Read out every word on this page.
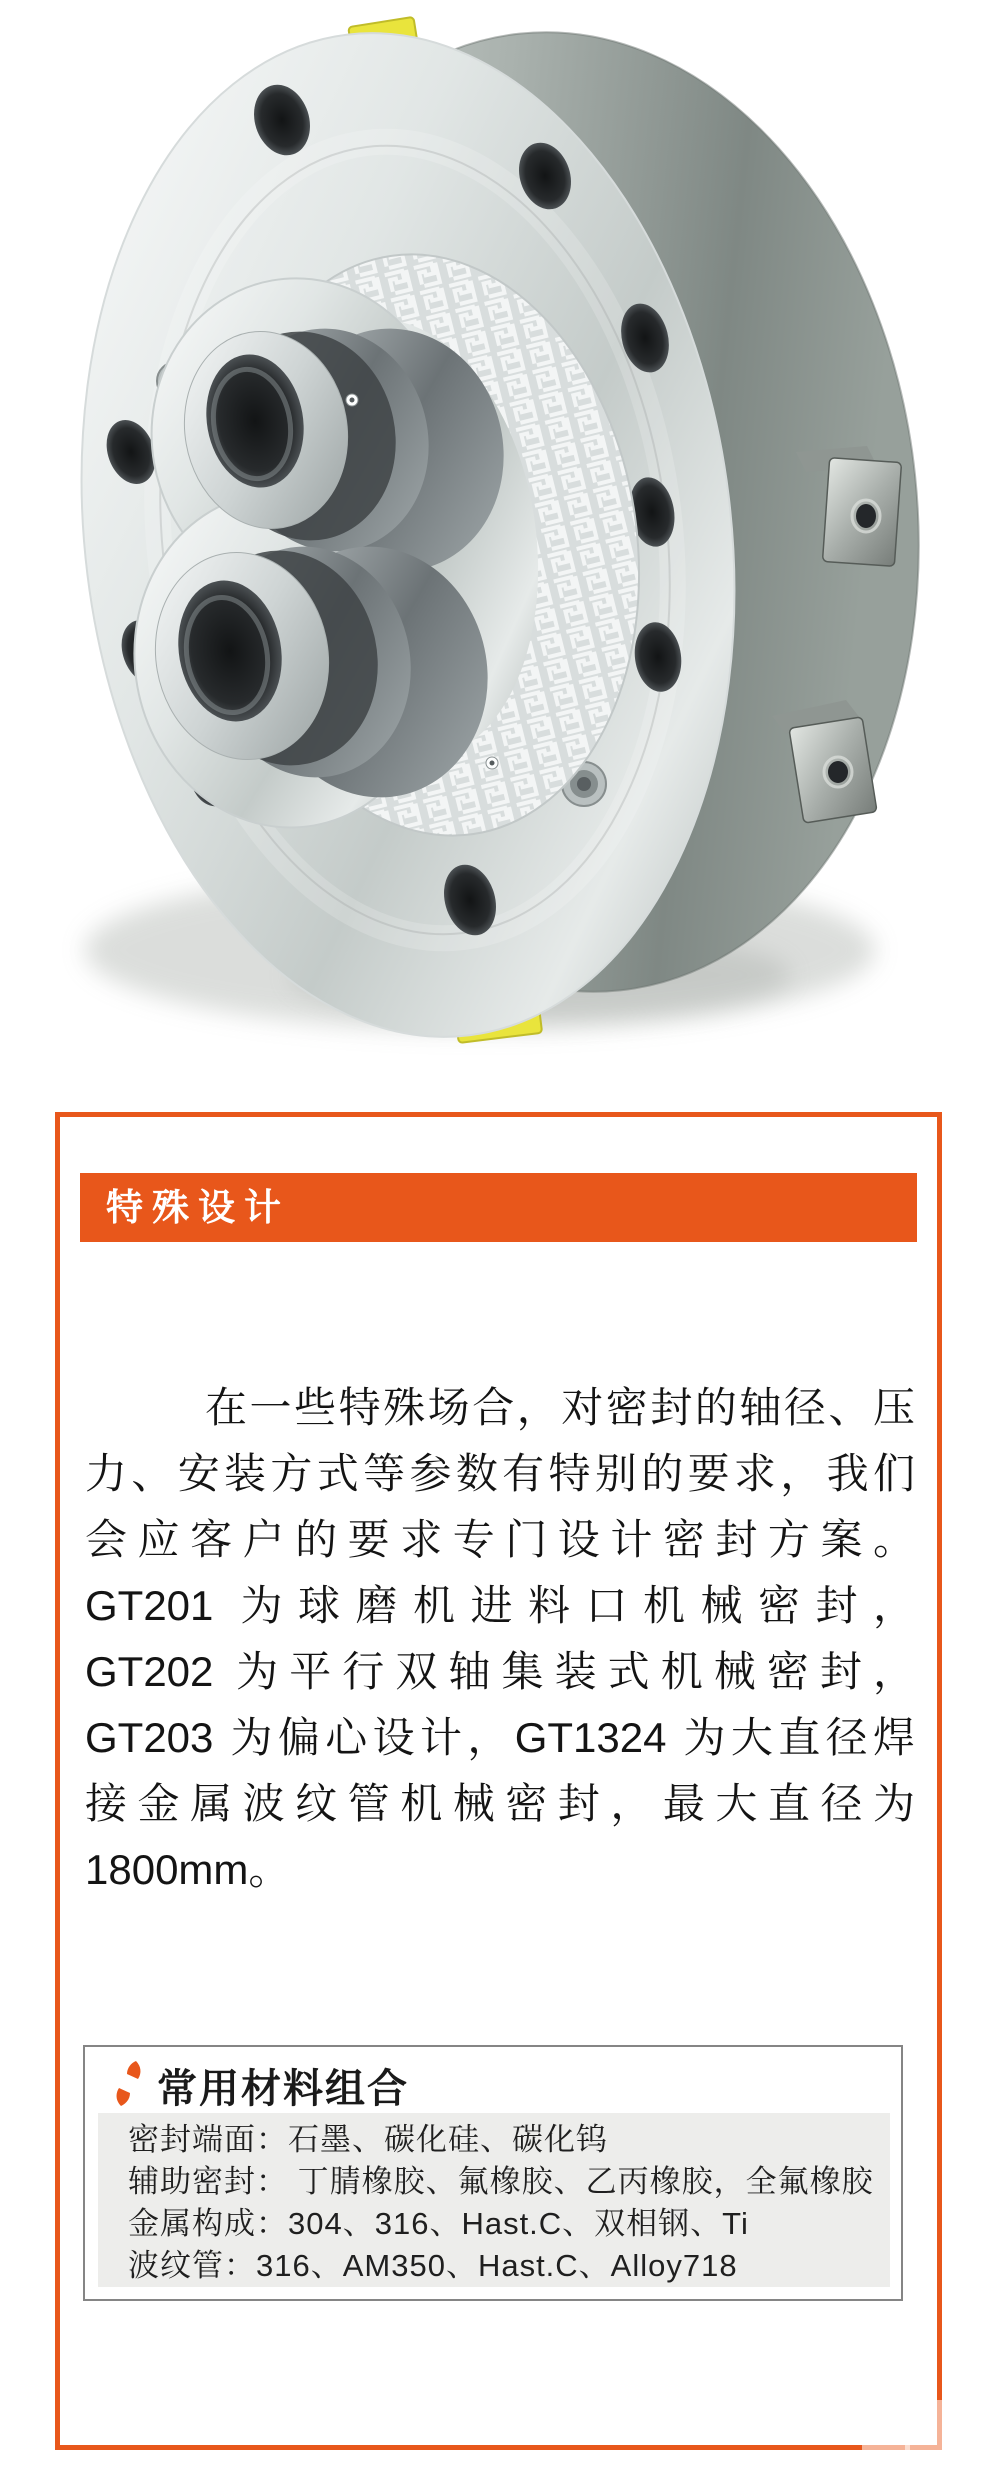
特殊设计
在一些特殊场合，对密封的轴径、压
力、安装方式等参数有特别的要求，我们
会应客户的要求专门设计密封方案。
GT201 为球磨机进料口机械密封，
GT202 为平行双轴集装式机械密封，
GT203 为偏心设计，GT1324 为大直径焊
接金属波纹管机械密封，最大直径为
1800mm。
常用材料组合
密封端面：石墨、碳化硅、碳化钨
辅助密封： 丁腈橡胶、氟橡胶、乙丙橡胶，全氟橡胶
金属构成：304、316、Hast.C、双相钢、Ti
波纹管：316、AM350、Hast.C、Alloy718
